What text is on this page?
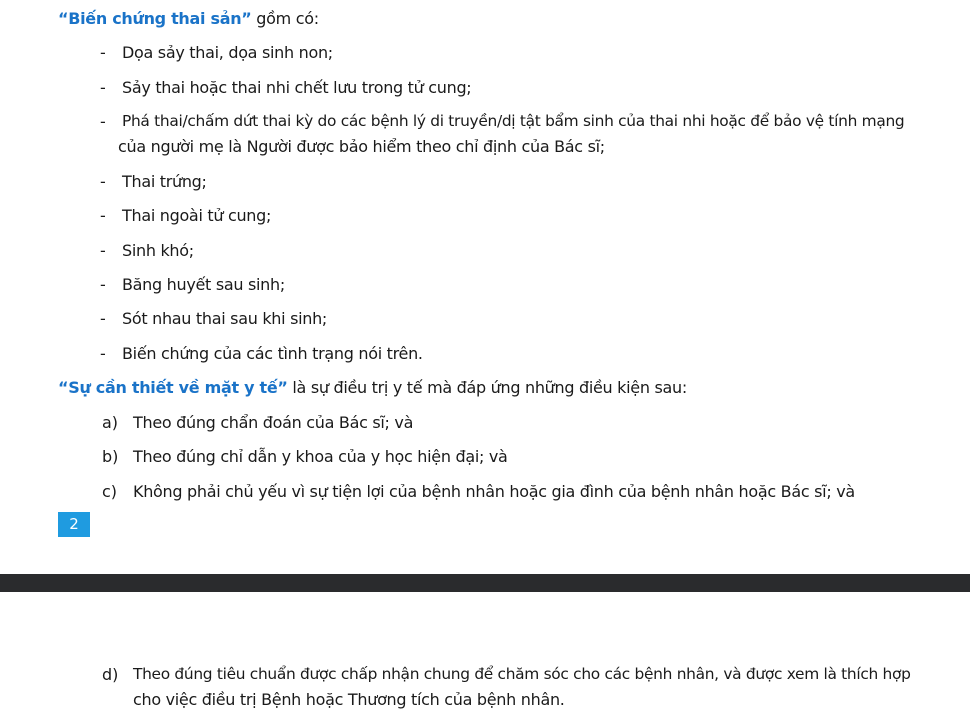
“Biến chứng thai sản” gồm có:
- Dọa sảy thai, dọa sinh non;
- Sảy thai hoặc thai nhi chết lưu trong tử cung;
- Phá thai/chấm dứt thai kỳ do các bệnh lý di truyền/dị tật bẩm sinh của thai nhi hoặc để bảo vệ tính mạng
của người mẹ là Người được bảo hiểm theo chỉ định của Bác sĩ;
- Thai trứng;
- Thai ngoài tử cung;
- Sinh khó;
- Băng huyết sau sinh;
- Sót nhau thai sau khi sinh;
- Biến chứng của các tình trạng nói trên.
“Sự cần thiết về mặt y tế” là sự điều trị y tế mà đáp ứng những điều kiện sau:
a) Theo đúng chẩn đoán của Bác sĩ; và
b) Theo đúng chỉ dẫn y khoa của y học hiện đại; và
c) Không phải chủ yếu vì sự tiện lợi của bệnh nhân hoặc gia đình của bệnh nhân hoặc Bác sĩ; và
2
d) Theo đúng tiêu chuẩn được chấp nhận chung để chăm sóc cho các bệnh nhân, và được xem là thích hợp
cho việc điều trị Bệnh hoặc Thương tích của bệnh nhân.
